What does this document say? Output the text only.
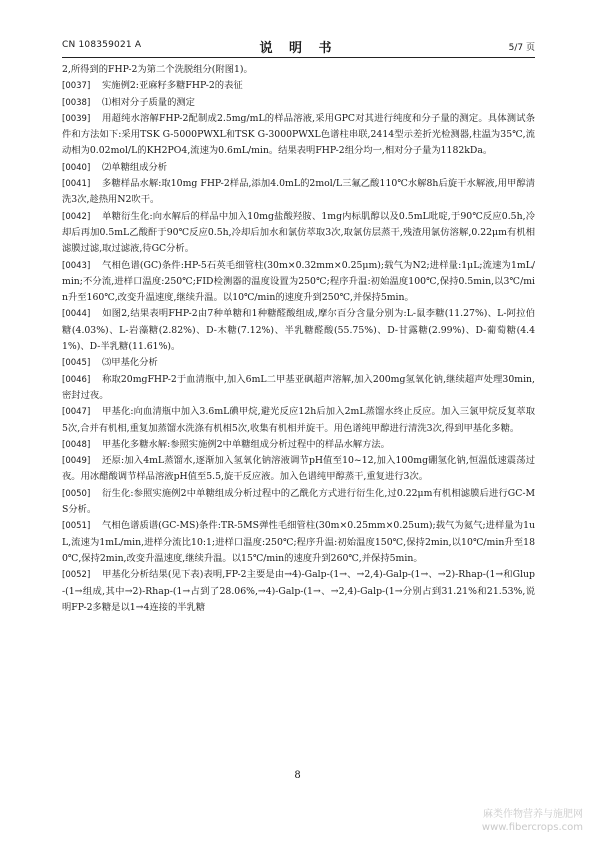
CN 108359021 A	说 明 书	5/7 页

2,所得到的FHP-2为第二个洗脱组分(附图1)。

[0037] 实施例2:亚麻籽多糖FHP-2的表征

[0038] ⑴相对分子质量的测定

[0039] 用超纯水溶解FHP-2配制成2.5mg/mL的样品溶液,采用GPC对其进行纯度和分子量的测定。具体测试条件和方法如下:采用TSK G-5000PWXL和TSK G-3000PWXL色谱柱串联,2414型示差折光检测器,柱温为35℃,流动相为0.02mol/L的KH2PO4,流速为0.6mL/min。结果表明FHP-2组分均一,相对分子量为1182kDa。

[0040] ⑵单糖组成分析

[0041] 多糖样品水解:取10mg FHP-2样品,添加4.0mL的2mol/L三氟乙酸110℃水解8h后旋干水解液,用甲醇清洗3次,趁热用N2吹干。

[0042] 单糖衍生化:向水解后的样品中加入10mg盐酸羟胺、1mg内标肌醇以及0.5mL吡啶,于90℃反应0.5h,冷却后再加0.5mL乙酸酐于90℃反应0.5h,冷却后加水和氯仿萃取3次,取氯仿层蒸干,残渣用氯仿溶解,0.22μm有机相滤膜过滤,取过滤液,待GC分析。

[0043] 气相色谱(GC)条件:HP-5石英毛细管柱(30m×0.32mm×0.25μm);载气为N2;进样量:1μL;流速为1mL/min;不分流,进样口温度:250℃;FID检测器的温度设置为250℃;程序升温:初始温度100℃,保持0.5min,以3℃/min升至160℃,改变升温速度,继续升温。以10℃/min的速度升到250℃,并保持5min。

[0044] 如图2,结果表明FHP-2由7种单糖和1种糖醛酸组成,摩尔百分含量分别为:L-鼠李糖(11.27%)、L-阿拉伯糖(4.03%)、L-岩藻糖(2.82%)、D-木糖(7.12%)、半乳糖醛酸(55.75%)、D-甘露糖(2.99%)、D-葡萄糖(4.41%)、D-半乳糖(11.61%)。

[0045] ⑶甲基化分析

[0046] 称取20mgFHP-2于血清瓶中,加入6mL二甲基亚砜超声溶解,加入200mg氢氧化钠,继续超声处理30min,密封过夜。

[0047] 甲基化:向血清瓶中加入3.6mL碘甲烷,避光反应12h后加入2mL蒸馏水终止反应。加入三氯甲烷反复萃取5次,合并有机相,重复加蒸馏水洗涤有机相5次,收集有机相并旋干。用色谱纯甲醇进行清洗3次,得到甲基化多糖。

[0048] 甲基化多糖水解:参照实施例2中单糖组成分析过程中的样品水解方法。

[0049] 还原:加入4mL蒸馏水,逐渐加入氢氧化钠溶液调节pH值至10~12,加入100mg硼氢化钠,恒温低速震荡过夜。用冰醋酸调节样品溶液pH值至5.5,旋干反应液。加入色谱纯甲醇蒸干,重复进行3次。

[0050] 衍生化:参照实施例2中单糖组成分析过程中的乙酰化方式进行衍生化,过0.22μm有机相滤膜后进行GC-MS分析。

[0051] 气相色谱质谱(GC-MS)条件:TR-5MS弹性毛细管柱(30m×0.25mm×0.25um);载气为氦气;进样量为1uL,流速为1mL/min,进样分流比10:1;进样口温度:250℃;程序升温:初始温度150℃,保持2min,以10℃/min升至180℃,保持2min,改变升温速度,继续升温。以15℃/min的速度升到260℃,并保持5min。

[0052] 甲基化分析结果(见下表)表明,FP-2主要是由→4)-Galp-(1→、→2,4)-Galp-(1→、→2)-Rhap-(1→和Glup-(1→组成,其中→2)-Rhap-(1→占到了28.06%,→4)-Galp-(1→、→2,4)-Galp-(1→分别占到31.21%和21.53%,说明FP-2多糖是以1→4连接的半乳糖

8
麻类作物营养与施肥网
www.fibercrops.com
